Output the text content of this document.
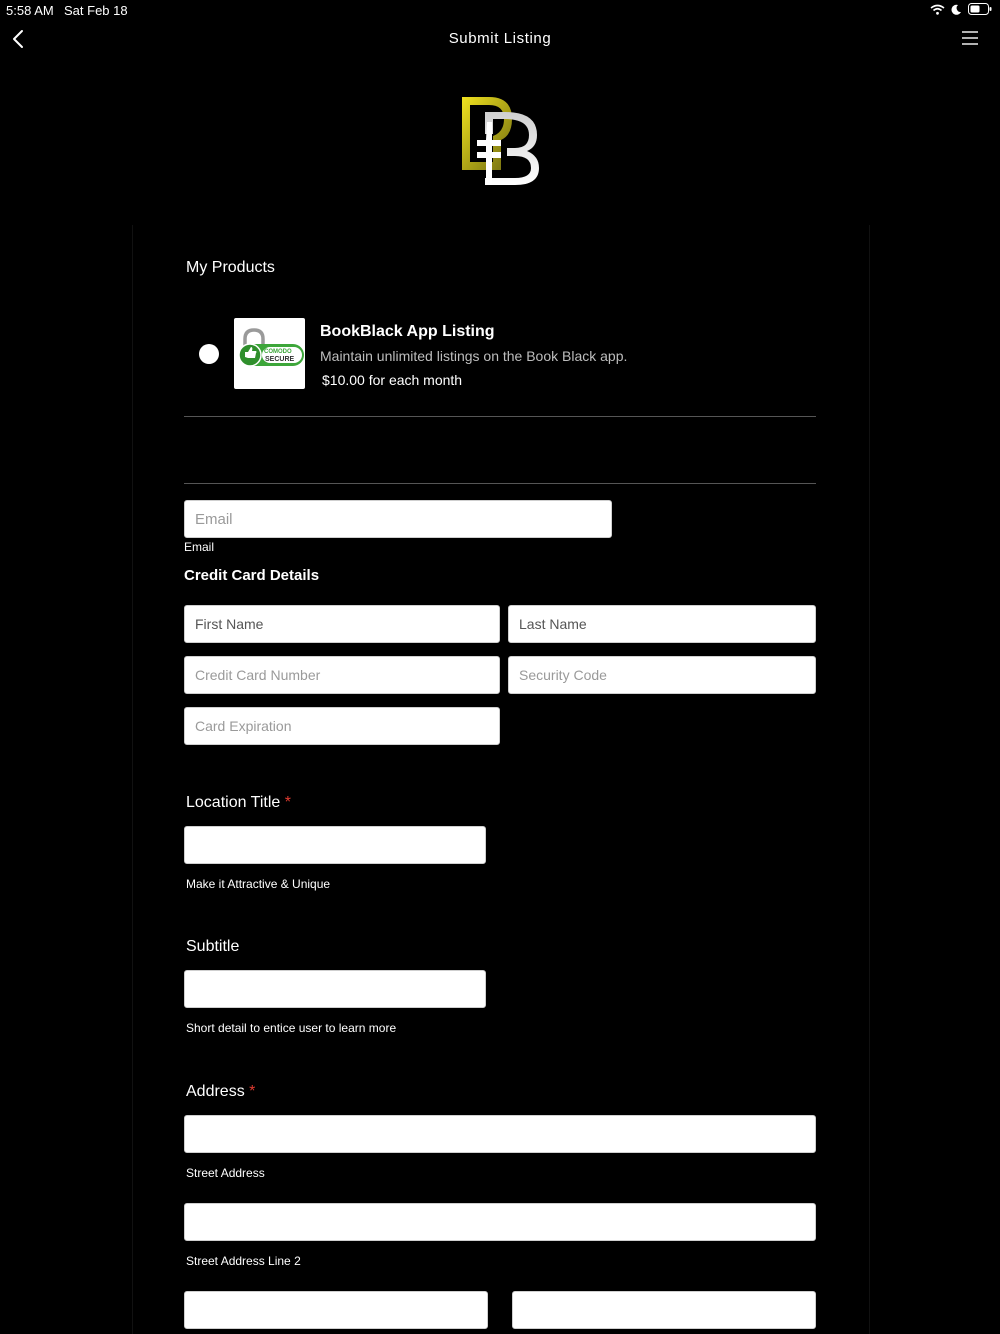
5:58 AM Sat Feb 18
Submit Listing
My Products
COMODO
SECURE
BookBlack App Listing
Maintain unlimited listings on the Book Black app.
$10.00 for each month
Email
Email
Credit Card Details
First Name
Last Name
Credit Card Number
Security Code
Card Expiration
Location Title *
Make it Attractive & Unique
Subtitle
Short detail to entice user to learn more
Address *
Street Address
Street Address Line 2
